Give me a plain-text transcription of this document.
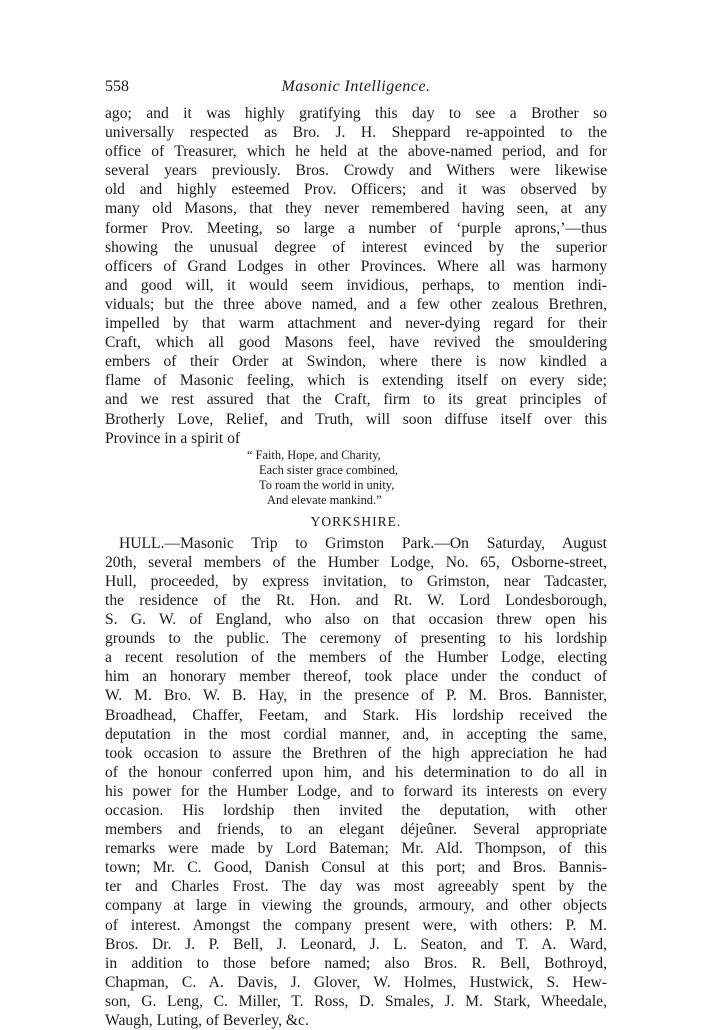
558	Masonic Intelligence.
ago; and it was highly gratifying this day to see a Brother so
universally respected as Bro. J. H. Sheppard re-appointed to the
office of Treasurer, which he held at the above-named period, and for
several years previously. Bros. Crowdy and Withers were likewise
old and highly esteemed Prov. Officers; and it was observed by
many old Masons, that they never remembered having seen, at any
former Prov. Meeting, so large a number of ‘purple aprons,’—thus
showing the unusual degree of interest evinced by the superior
officers of Grand Lodges in other Provinces. Where all was harmony
and good will, it would seem invidious, perhaps, to mention indi-
viduals; but the three above named, and a few other zealous Brethren,
impelled by that warm attachment and never-dying regard for their
Craft, which all good Masons feel, have revived the smouldering
embers of their Order at Swindon, where there is now kindled a
flame of Masonic feeling, which is extending itself on every side;
and we rest assured that the Craft, firm to its great principles of
Brotherly Love, Relief, and Truth, will soon diffuse itself over this
Province in a spirit of
“ Faith, Hope, and Charity,
Each sister grace combined,
To roam the world in unity,
And elevate mankind.”
YORKSHIRE.
HULL.—Masonic Trip to Grimston Park.—On Saturday, August
20th, several members of the Humber Lodge, No. 65, Osborne-street,
Hull, proceeded, by express invitation, to Grimston, near Tadcaster,
the residence of the Rt. Hon. and Rt. W. Lord Londesborough,
S. G. W. of England, who also on that occasion threw open his
grounds to the public. The ceremony of presenting to his lordship
a recent resolution of the members of the Humber Lodge, electing
him an honorary member thereof, took place under the conduct of
W. M. Bro. W. B. Hay, in the presence of P. M. Bros. Bannister,
Broadhead, Chaffer, Feetam, and Stark. His lordship received the
deputation in the most cordial manner, and, in accepting the same,
took occasion to assure the Brethren of the high appreciation he had
of the honour conferred upon him, and his determination to do all in
his power for the Humber Lodge, and to forward its interests on every
occasion. His lordship then invited the deputation, with other
members and friends, to an elegant déjeûner. Several appropriate
remarks were made by Lord Bateman; Mr. Ald. Thompson, of this
town; Mr. C. Good, Danish Consul at this port; and Bros. Bannis-
ter and Charles Frost. The day was most agreeably spent by the
company at large in viewing the grounds, armoury, and other objects
of interest. Amongst the company present were, with others: P. M.
Bros. Dr. J. P. Bell, J. Leonard, J. L. Seaton, and T. A. Ward,
in addition to those before named; also Bros. R. Bell, Bothroyd,
Chapman, C. A. Davis, J. Glover, W. Holmes, Hustwick, S. Hew-
son, G. Leng, C. Miller, T. Ross, D. Smales, J. M. Stark, Wheedale,
Waugh, Luting, of Beverley, &c.
